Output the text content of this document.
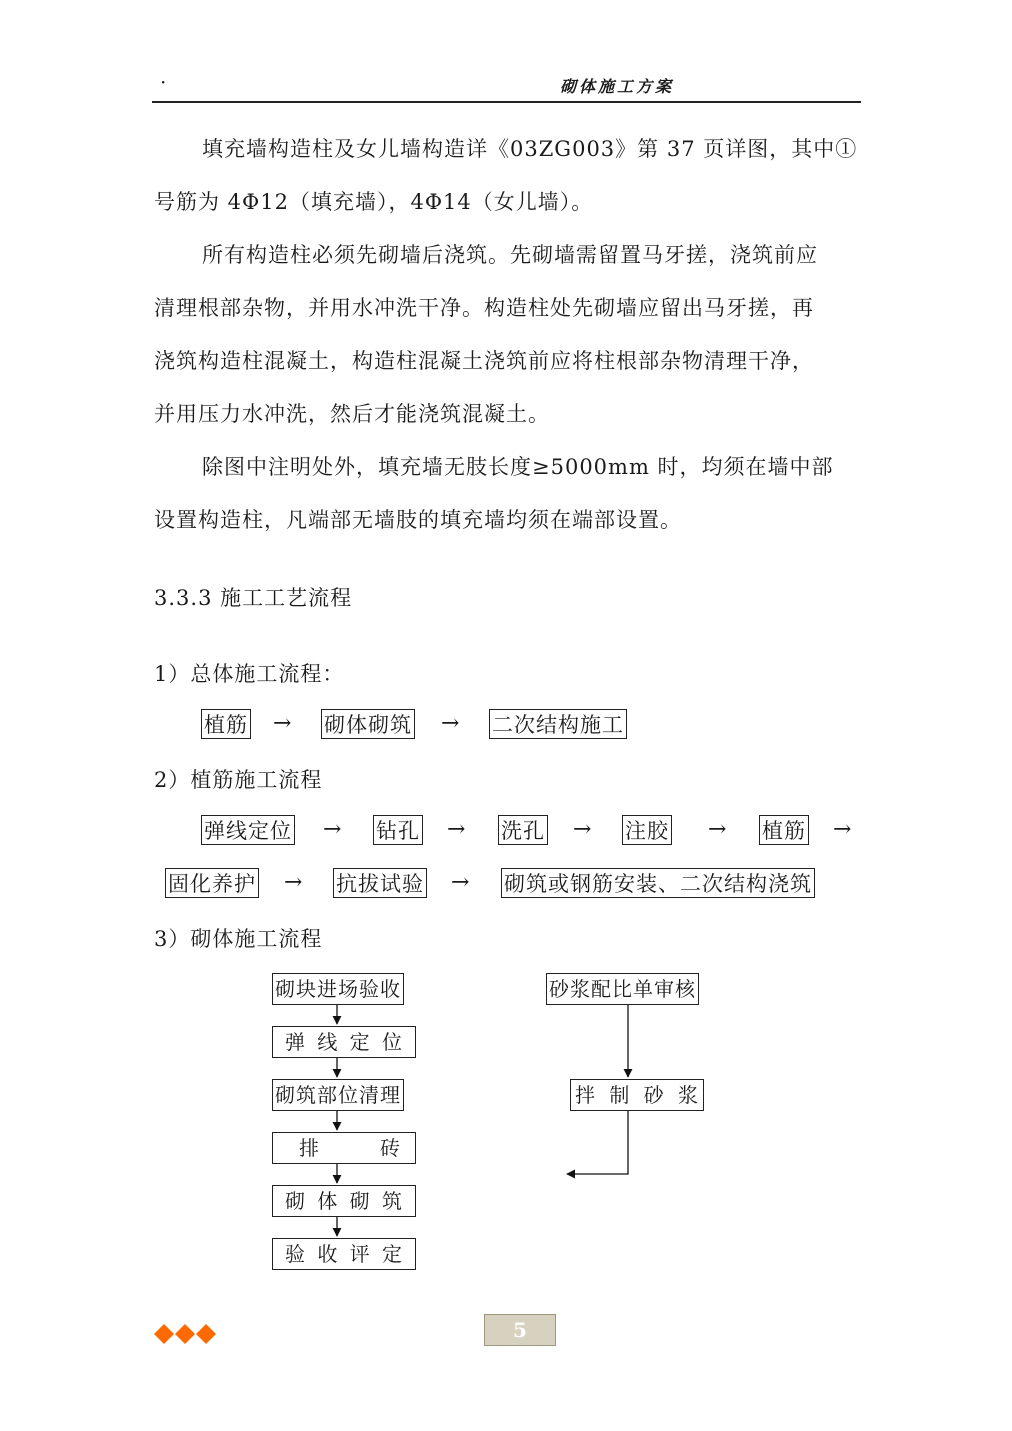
·	砌体施工方案

填充墙构造柱及女儿墙构造详《03ZG003》第 37 页详图，其中①
号筋为 4Φ12（填充墙），4Φ14（女儿墙）。

所有构造柱必须先砌墙后浇筑。先砌墙需留置马牙搓，浇筑前应
清理根部杂物，并用水冲洗干净。构造柱处先砌墙应留出马牙搓，再
浇筑构造柱混凝土，构造柱混凝土浇筑前应将柱根部杂物清理干净，
并用压力水冲洗，然后才能浇筑混凝土。

除图中注明处外，填充墙无肢长度≥5000mm 时，均须在墙中部
设置构造柱，凡端部无墙肢的填充墙均须在端部设置。

3.3.3 施工工艺流程

1）总体施工流程：

植筋 → 砌体砌筑 → 二次结构施工

2）植筋施工流程

弹线定位 → 钻孔 → 洗孔 → 注胶 → 植筋 →
固化养护 → 抗拔试验 → 砌筑或钢筋安装、二次结构浇筑

3）砌体施工流程

砌块进场验收
弹 线 定 位
砌筑部位清理
排	砖
砌 体 砌 筑
验 收 评 定
砂浆配比单审核
拌 制 砂 浆
5
